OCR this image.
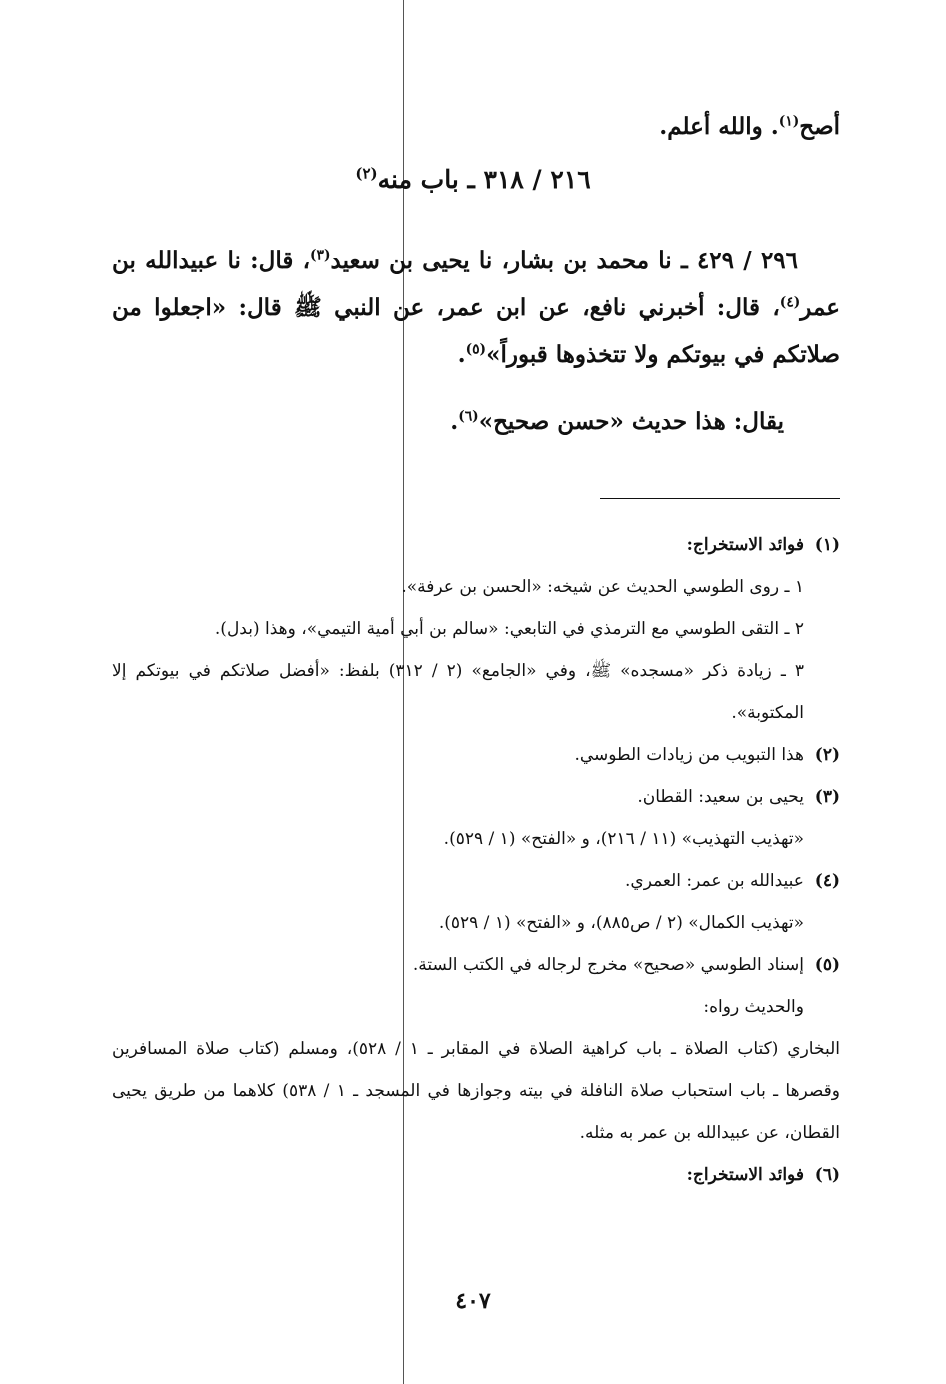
أصح$^{(١)}$. والله أعلم.
٢١٦ / ٣١٨ ـ باب منه$^{(٢)}$

٢٩٦ / ٤٢٩ ـ نا محمد بن بشار، نا يحيى بن سعيد$^{(٣)}$، قال: نا عبيدالله بن عمر$^{(٤)}$، قال: أخبرني نافع، عن ابن عمر، عن النبي ﷺ قال: «اجعلوا من صلاتكم في بيوتكم ولا تتخذوها قبوراً»$^{(٥)}$.

يقال: هذا حديث «حسن صحيح»$^{(٦)}$.

(١)  فوائد الاستخراج:

١ ـ روى الطوسي الحديث عن شيخه: «الحسن بن عرفة».

٢ ـ التقى الطوسي مع الترمذي في التابعي: «سالم بن أبي أمية التيمي»، وهذا (بدل).

٣ ـ زيادة ذكر «مسجده» ﷺ، وفي «الجامع» (٢ / ٣١٢) بلفظ: «أفضل صلاتكم في بيوتكم إلا المكتوبة».

(٢)  هذا التبويب من زيادات الطوسي.

(٣)  يحيى بن سعيد: القطان.

«تهذيب التهذيب» (١١ / ٢١٦)، و «الفتح» (١ / ٥٢٩).

(٤)  عبيدالله بن عمر: العمري.

«تهذيب الكمال» (٢ / ص٨٨٥)، و «الفتح» (١ / ٥٢٩).

(٥)  إسناد الطوسي «صحيح» مخرج لرجاله في الكتب الستة.

والحديث رواه:

البخاري (كتاب الصلاة ـ باب كراهية الصلاة في المقابر ـ ١ / ٥٢٨)، ومسلم (كتاب صلاة المسافرين وقصرها ـ باب استحباب صلاة النافلة في بيته وجوازها في المسجد ـ ١ / ٥٣٨) كلاهما من طريق يحيى القطان، عن عبيدالله بن عمر به مثله.

(٦)  فوائد الاستخراج:

٤٠٧
